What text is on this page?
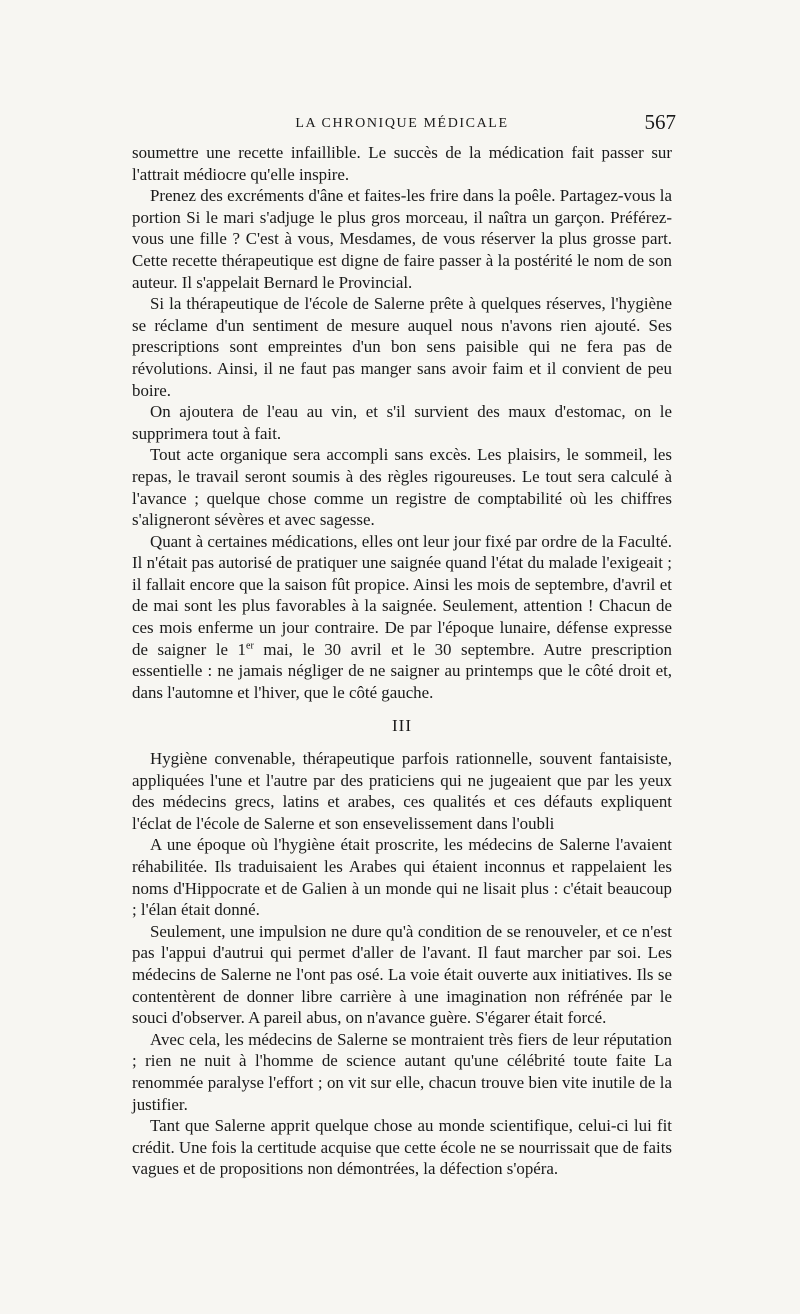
LA CHRONIQUE MÉDICALE	567

soumettre une recette infaillible. Le succès de la médication fait passer sur l'attrait médiocre qu'elle inspire.

Prenez des excréments d'âne et faites-les frire dans la poêle. Partagez-vous la portion Si le mari s'adjuge le plus gros morceau, il naîtra un garçon. Préférez-vous une fille ? C'est à vous, Mesdames, de vous réserver la plus grosse part. Cette recette thérapeutique est digne de faire passer à la postérité le nom de son auteur. Il s'appelait Bernard le Provincial.

Si la thérapeutique de l'école de Salerne prête à quelques réserves, l'hygiène se réclame d'un sentiment de mesure auquel nous n'avons rien ajouté. Ses prescriptions sont empreintes d'un bon sens paisible qui ne fera pas de révolutions. Ainsi, il ne faut pas manger sans avoir faim et il convient de peu boire.

On ajoutera de l'eau au vin, et s'il survient des maux d'estomac, on le supprimera tout à fait.

Tout acte organique sera accompli sans excès. Les plaisirs, le sommeil, les repas, le travail seront soumis à des règles rigoureuses. Le tout sera calculé à l'avance ; quelque chose comme un registre de comptabilité où les chiffres s'aligneront sévères et avec sagesse.

Quant à certaines médications, elles ont leur jour fixé par ordre de la Faculté. Il n'était pas autorisé de pratiquer une saignée quand l'état du malade l'exigeait ; il fallait encore que la saison fût propice. Ainsi les mois de septembre, d'avril et de mai sont les plus favorables à la saignée. Seulement, attention ! Chacun de ces mois enferme un jour contraire. De par l'époque lunaire, défense expresse de saigner le 1er mai, le 30 avril et le 30 septembre. Autre prescription essentielle : ne jamais négliger de ne saigner au printemps que le côté droit et, dans l'automne et l'hiver, que le côté gauche.

III

Hygiène convenable, thérapeutique parfois rationnelle, souvent fantaisiste, appliquées l'une et l'autre par des praticiens qui ne jugeaient que par les yeux des médecins grecs, latins et arabes, ces qualités et ces défauts expliquent l'éclat de l'école de Salerne et son ensevelissement dans l'oubli

A une époque où l'hygiène était proscrite, les médecins de Salerne l'avaient réhabilitée. Ils traduisaient les Arabes qui étaient inconnus et rappelaient les noms d'Hippocrate et de Galien à un monde qui ne lisait plus : c'était beaucoup ; l'élan était donné.

Seulement, une impulsion ne dure qu'à condition de se renouveler, et ce n'est pas l'appui d'autrui qui permet d'aller de l'avant. Il faut marcher par soi. Les médecins de Salerne ne l'ont pas osé. La voie était ouverte aux initiatives. Ils se contentèrent de donner libre carrière à une imagination non réfrénée par le souci d'observer. A pareil abus, on n'avance guère. S'égarer était forcé.

Avec cela, les médecins de Salerne se montraient très fiers de leur réputation ; rien ne nuit à l'homme de science autant qu'une célébrité toute faite La renommée paralyse l'effort ; on vit sur elle, chacun trouve bien vite inutile de la justifier.

Tant que Salerne apprit quelque chose au monde scientifique, celui-ci lui fit crédit. Une fois la certitude acquise que cette école ne se nourrissait que de faits vagues et de propositions non démontrées, la défection s'opéra.
